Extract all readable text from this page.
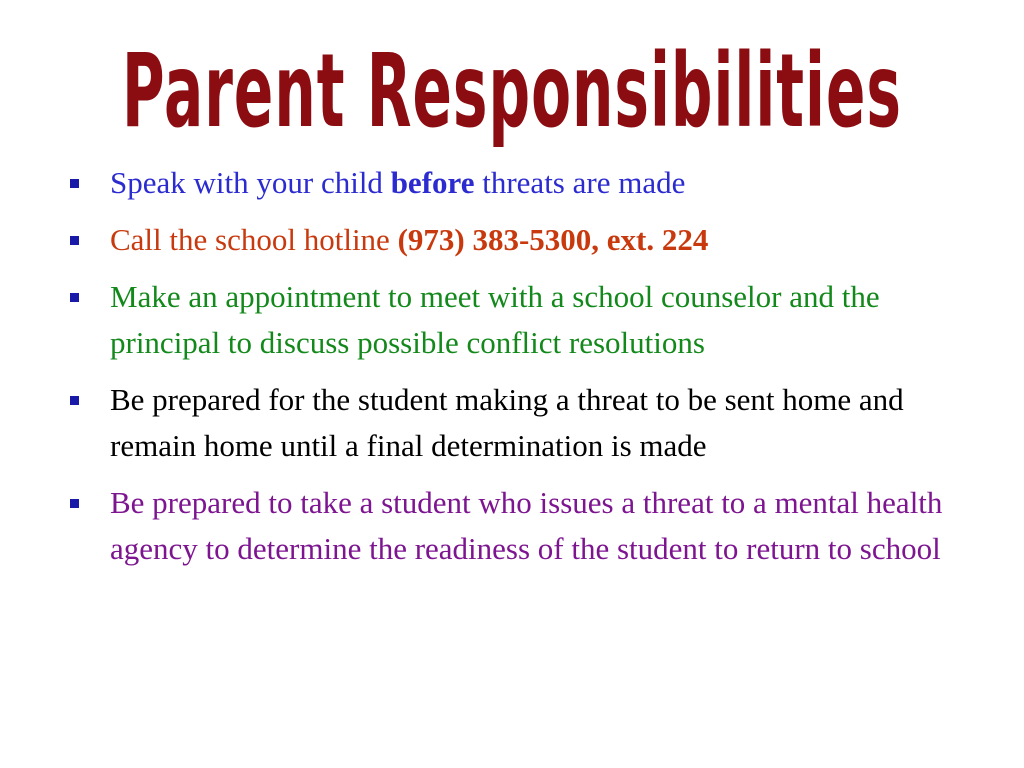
Parent Responsibilities
Speak with your child before threats are made
Call the school hotline (973) 383-5300, ext. 224
Make an appointment to meet with a school counselor and the principal to discuss possible conflict resolutions
Be prepared for the student making a threat to be sent home and remain home until a final determination is made
Be prepared to take a student who issues a threat to a mental health agency to determine the readiness of the student to return to school
